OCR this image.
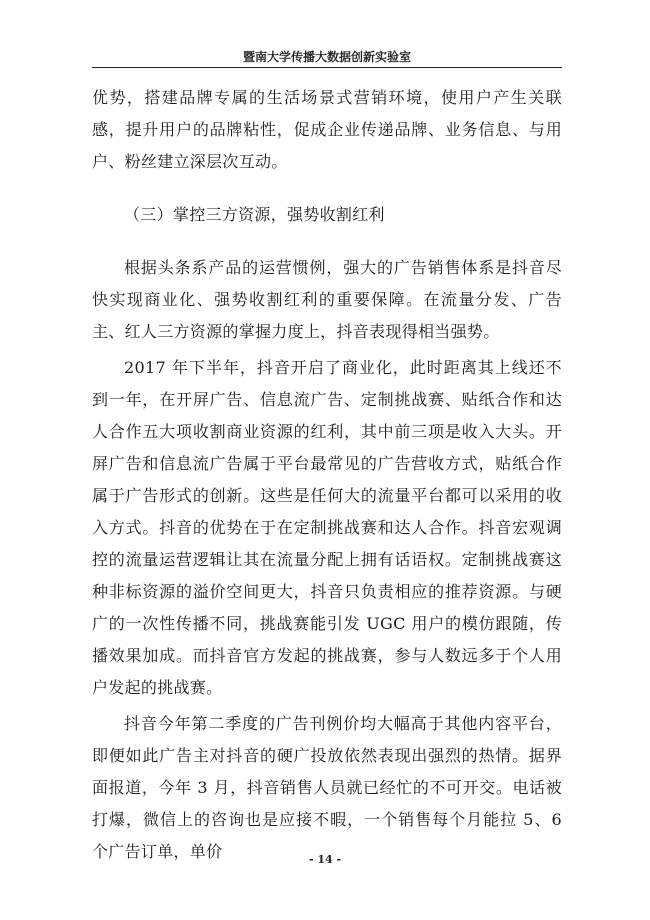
暨南大学传播大数据创新实验室

优势，搭建品牌专属的生活场景式营销环境，使用户产生关联感，提升用户的品牌粘性，促成企业传递品牌、业务信息、与用户、粉丝建立深层次互动。

（三）掌控三方资源，强势收割红利

根据头条系产品的运营惯例，强大的广告销售体系是抖音尽快实现商业化、强势收割红利的重要保障。在流量分发、广告主、红人三方资源的掌握力度上，抖音表现得相当强势。

2017 年下半年，抖音开启了商业化，此时距离其上线还不到一年，在开屏广告、信息流广告、定制挑战赛、贴纸合作和达人合作五大项收割商业资源的红利，其中前三项是收入大头。开屏广告和信息流广告属于平台最常见的广告营收方式，贴纸合作属于广告形式的创新。这些是任何大的流量平台都可以采用的收入方式。抖音的优势在于在定制挑战赛和达人合作。抖音宏观调控的流量运营逻辑让其在流量分配上拥有话语权。定制挑战赛这种非标资源的溢价空间更大，抖音只负责相应的推荐资源。与硬广的一次性传播不同，挑战赛能引发 UGC 用户的模仿跟随，传播效果加成。而抖音官方发起的挑战赛，参与人数远多于个人用户发起的挑战赛。

抖音今年第二季度的广告刊例价均大幅高于其他内容平台，即便如此广告主对抖音的硬广投放依然表现出强烈的热情。据界面报道，今年 3 月，抖音销售人员就已经忙的不可开交。电话被打爆，微信上的咨询也是应接不暇，一个销售每个月能拉 5、6 个广告订单，单价	- 14 -
